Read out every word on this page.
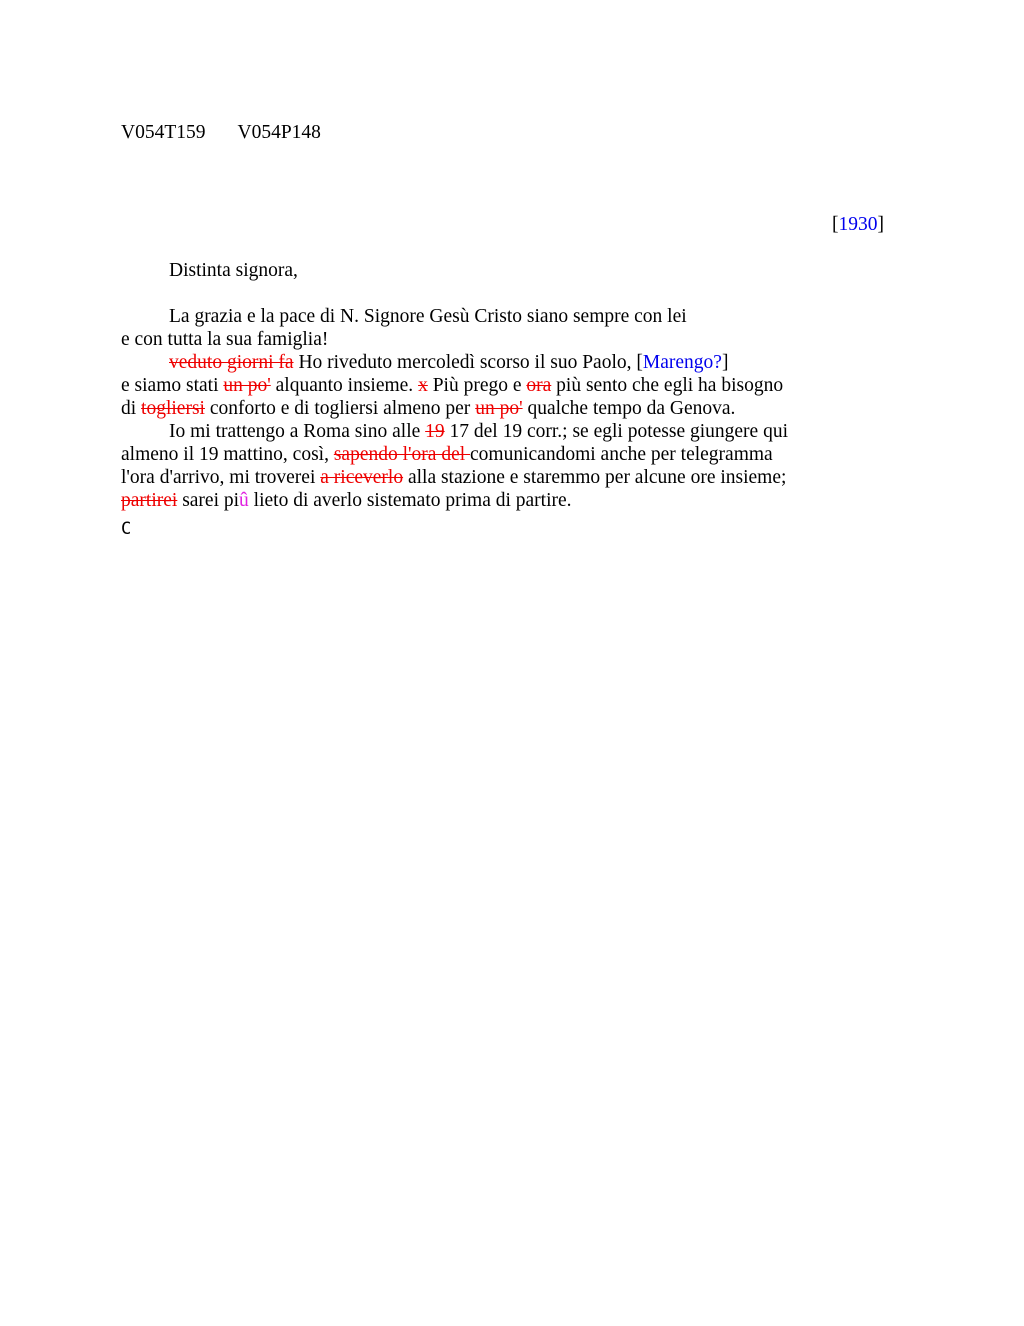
V054T159 V054P148
[1930]
Distinta signora,
La grazia e la pace di N. Signore Gesù Cristo siano sempre con lei
e con tutta la sua famiglia!
veduto giorni fa Ho riveduto mercoledì scorso il suo Paolo, [Marengo?]
e siamo stati un po' alquanto insieme. x Più prego e ora più sento che egli ha bisogno
di togliersi conforto e di togliersi almeno per un po' qualche tempo da Genova.
Io mi trattengo a Roma sino alle 19 17 del 19 corr.; se egli potesse giungere qui
almeno il 19 mattino, così, sapendo l'ora del comunicandomi anche per telegramma
l'ora d'arrivo, mi troverei a riceverlo alla stazione e staremmo per alcune ore insieme;
partirei sarei piû lieto di averlo sistemato prima di partire.
C
